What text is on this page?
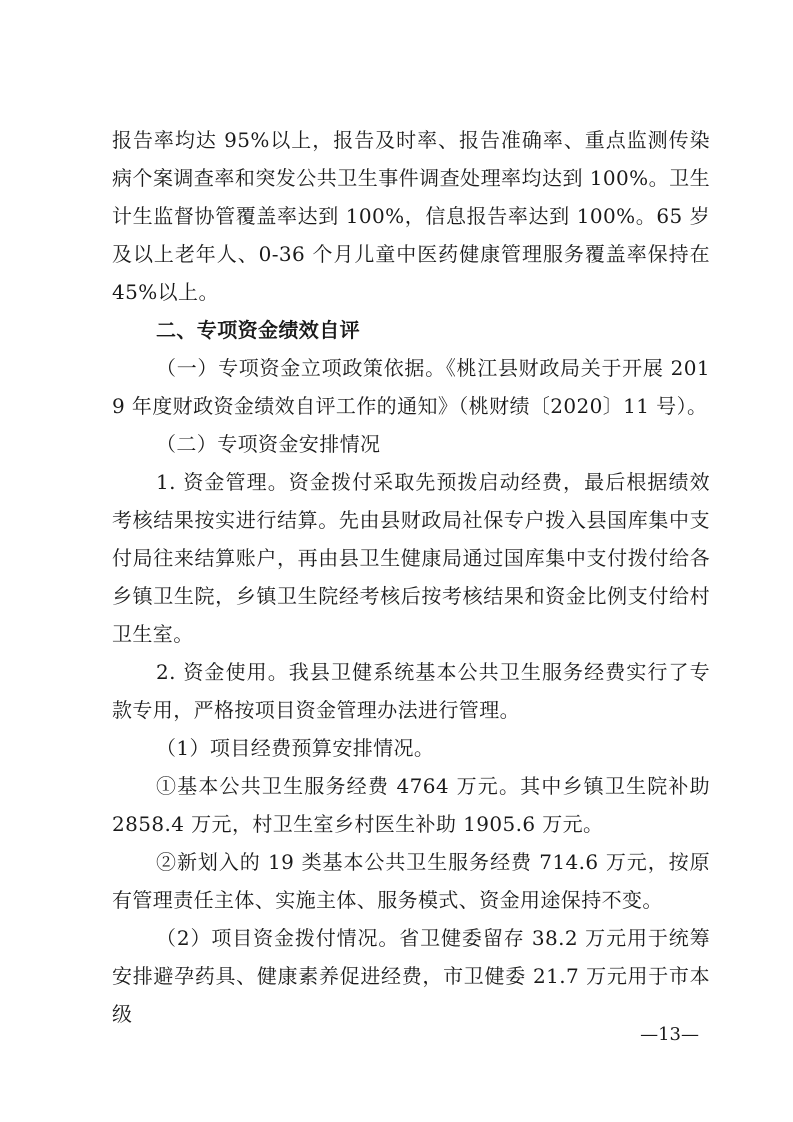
报告率均达 95%以上，报告及时率、报告准确率、重点监测传染病个案调查率和突发公共卫生事件调查处理率均达到 100%。卫生计生监督协管覆盖率达到 100%，信息报告率达到 100%。65 岁及以上老年人、0-36 个月儿童中医药健康管理服务覆盖率保持在 45%以上。

二、专项资金绩效自评

（一）专项资金立项政策依据。《桃江县财政局关于开展 2019 年度财政资金绩效自评工作的通知》（桃财绩〔2020〕11 号）。

（二）专项资金安排情况

1. 资金管理。资金拨付采取先预拨启动经费，最后根据绩效考核结果按实进行结算。先由县财政局社保专户拨入县国库集中支付局往来结算账户，再由县卫生健康局通过国库集中支付拨付给各乡镇卫生院，乡镇卫生院经考核后按考核结果和资金比例支付给村卫生室。

2. 资金使用。我县卫健系统基本公共卫生服务经费实行了专款专用，严格按项目资金管理办法进行管理。

（1）项目经费预算安排情况。

①基本公共卫生服务经费 4764 万元。其中乡镇卫生院补助 2858.4 万元，村卫生室乡村医生补助 1905.6 万元。

②新划入的 19 类基本公共卫生服务经费 714.6 万元，按原有管理责任主体、实施主体、服务模式、资金用途保持不变。

（2）项目资金拨付情况。省卫健委留存 38.2 万元用于统筹安排避孕药具、健康素养促进经费，市卫健委 21.7 万元用于市本级

—13—
